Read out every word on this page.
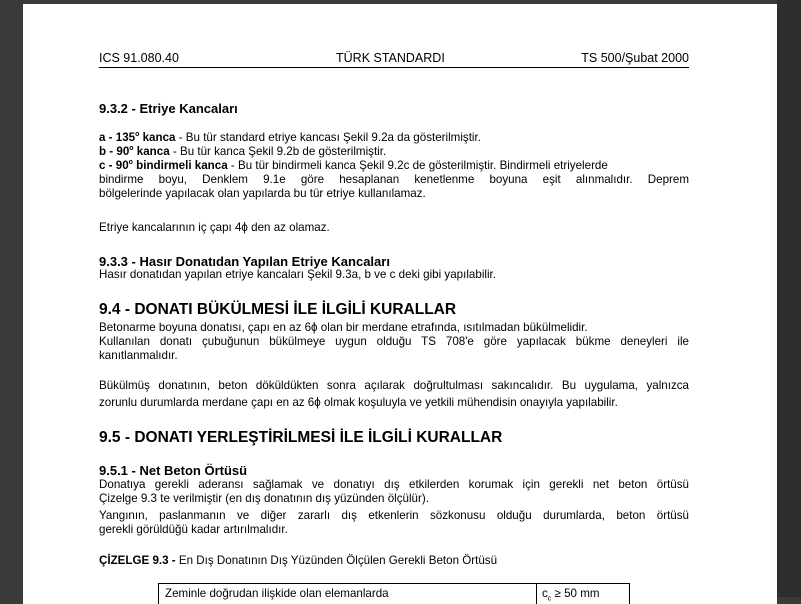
ICS 91.080.40	TÜRK STANDARDI	TS 500/Şubat 2000
9.3.2 - Etriye Kancaları
a - 135$^o$ kanca - Bu tür standard etriye kancası Şekil 9.2a da gösterilmiştir.
b - 90$^o$ kanca - Bu tür kanca Şekil 9.2b de gösterilmiştir.
c - 90$^o$ bindirmeli kanca - Bu tür bindirmeli kanca Şekil 9.2c de gösterilmiştir. Bindirmeli etriyelerde
bindirme boyu, Denklem 9.1e göre hesaplanan kenetlenme boyuna eşit alınmalıdır. Deprem
bölgelerinde yapılacak olan yapılarda bu tür etriye kullanılamaz.
Etriye kancalarının iç çapı 4ϕ den az olamaz.
9.3.3 - Hasır Donatıdan Yapılan Etriye Kancaları
Hasır donatıdan yapılan etriye kancaları Şekil 9.3a, b ve c deki gibi yapılabilir.
9.4 - DONATI BÜKÜLMESİ İLE İLGİLİ KURALLAR
Betonarme boyuna donatısı, çapı en az 6ϕ olan bir merdane etrafında, ısıtılmadan bükülmelidir.
Kullanılan donatı çubuğunun bükülmeye uygun olduğu TS 708'e göre yapılacak bükme deneyleri ile
kanıtlanmalıdır.
Bükülmüş donatının, beton döküldükten sonra açılarak doğrultulması sakıncalıdır. Bu uygulama, yalnızca
zorunlu durumlarda merdane çapı en az 6ϕ olmak koşuluyla ve yetkili mühendisin onayıyla yapılabilir.
9.5 - DONATI YERLEŞTİRİLMESİ İLE İLGİLİ KURALLAR
9.5.1 - Net Beton Örtüsü
Donatıya gerekli aderansı sağlamak ve donatıyı dış etkilerden korumak için gerekli net beton örtüsü
Çizelge 9.3 te verilmiştir (en dış donatının dış yüzünden ölçülür).
Yangının, paslanmanın ve diğer zararlı dış etkenlerin sözkonusu olduğu durumlarda, beton örtüsü
gerekli görüldüğü kadar artırılmalıdır.
ÇİZELGE 9.3 - En Dış Donatının Dış Yüzünden Ölçülen Gerekli Beton Örtüsü
Zeminle doğrudan ilişkide olan elemanlarda	$c_c \ge 50$ mm
